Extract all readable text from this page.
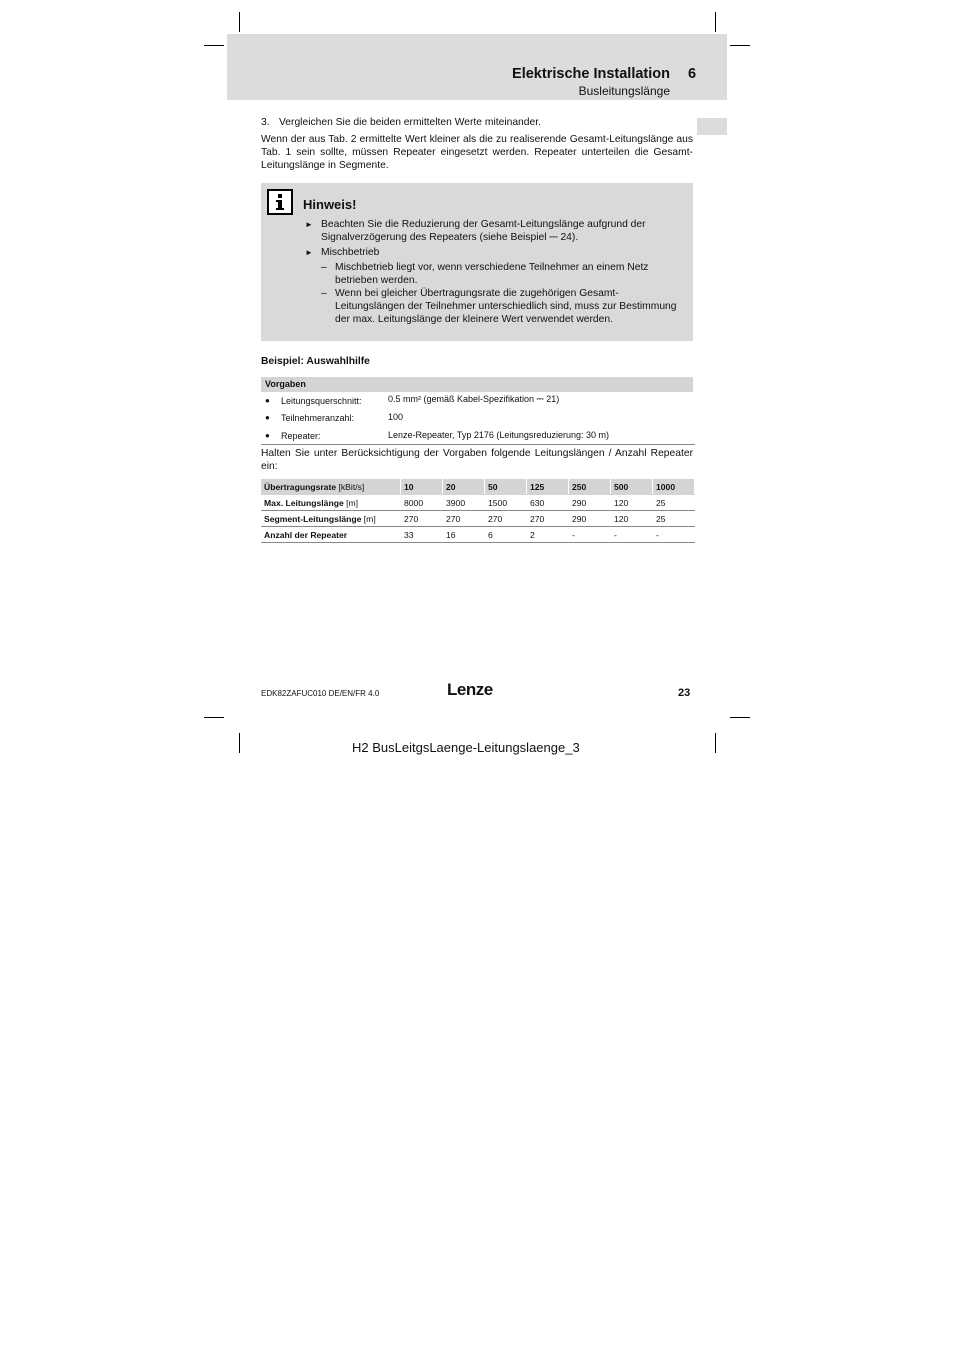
Elektrische Installation 6
Busleitungslänge
3. Vergleichen Sie die beiden ermittelten Werte miteinander.
Wenn der aus Tab. 2 ermittelte Wert kleiner als die zu realiserende Gesamt-Leitungslänge aus Tab. 1 sein sollte, müssen Repeater eingesetzt werden. Repeater unterteilen die Gesamt-Leitungslänge in Segmente.
Hinweis!
► Beachten Sie die Reduzierung der Gesamt-Leitungslänge aufgrund der Signalverzögerung des Repeaters (siehe Beispiel ⎓ 24).
► Mischbetrieb
– Mischbetrieb liegt vor, wenn verschiedene Teilnehmer an einem Netz betrieben werden.
– Wenn bei gleicher Übertragungsrate die zugehörigen Gesamt-Leitungslängen der Teilnehmer unterschiedlich sind, muss zur Bestimmung der max. Leitungslänge der kleinere Wert verwendet werden.
Beispiel: Auswahlhilfe
Vorgaben
● Leitungsquerschnitt:	0.5 mm² (gemäß Kabel-Spezifikation ⎓ 21)
● Teilnehmeranzahl:	100
● Repeater:	Lenze-Repeater, Typ 2176 (Leitungsreduzierung: 30 m)
Halten Sie unter Berücksichtigung der Vorgaben folgende Leitungslängen / Anzahl Repeater ein:
Übertragungsrate [kBit/s]	10	20	50	125	250	500	1000
Max. Leitungslänge [m]	8000	3900	1500	630	290	120	25
Segment-Leitungslänge [m]	270	270	270	270	290	120	25
Anzahl der Repeater	33	16	6	2	-	-	-
EDK82ZAFUC010 DE/EN/FR 4.0	Lenze	23
H2 BusLeitgsLaenge-Leitungslaenge_3
